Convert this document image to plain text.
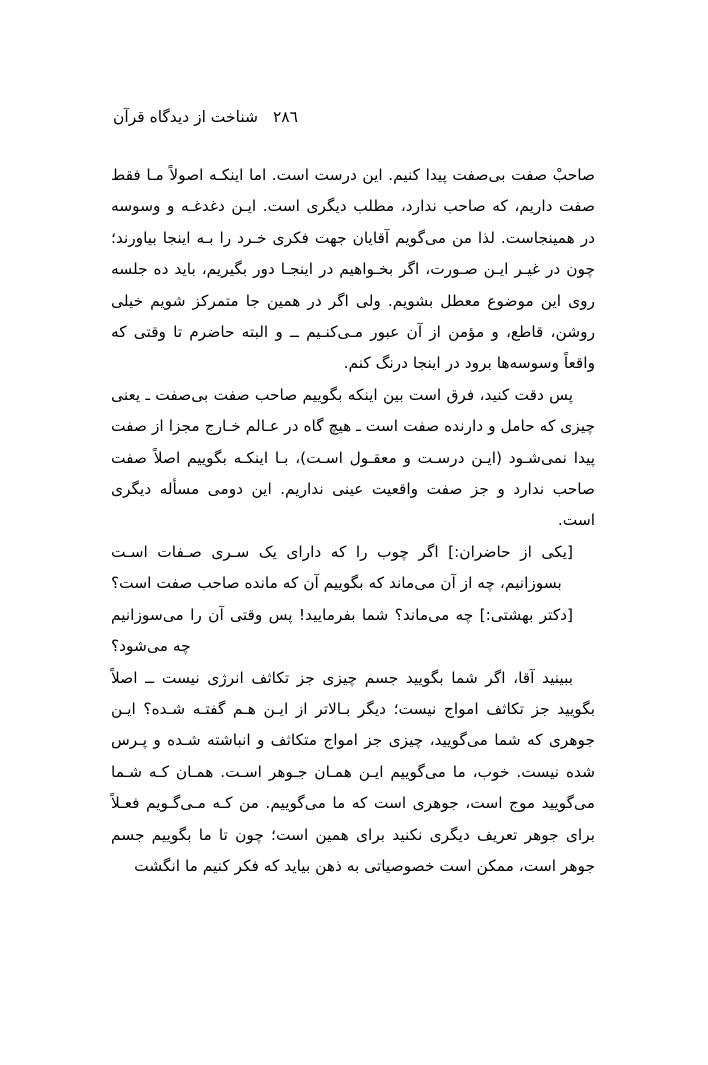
٢٨٦ شناخت از دیدگاه قرآن

صاحبْ صفت بی‌صفت پیدا کنیم. این درست است. اما اینکـه اصولاً مـا فقط صفت داریم، که صاحب ندارد، مطلب دیگری است. ایـن دغدغـه و وسوسه در همینجاست. لذا من می‌گویم آقایان جهت فکری خـرد را بـه اینجا بیاورند؛ چون در غیـر ایـن صـورت، اگر بخـواهیم در اینجـا دور بگیریم، باید ده جلسه روی این موضوع معطل بشویم. ولی اگر در همین جا متمرکز شویم خیلی روشن، قاطع، و مؤمن از آن عبور مـی‌کنـیم ــ و البته حاضرم تا وقتی که واقعاً وسوسه‌ها برود در اینجا درنگ کنم.

پس دقت کنید، فرق است بین اینکه بگوییم صاحب صفت بی‌صفت ـ یعنی چیزی که حامل و دارنده صفت است ـ هیچ گاه در عـالم خـارج مجزا از صفت پیدا نمی‌شـود (ایـن درسـت و معقـول اسـت)، بـا اینکـه بگوییم اصلاً صفت صاحب ندارد و جز صفت واقعیت عینی نداریم. این دومی مسأله دیگری است.

[یکی از حاضران:] اگر چوب را که دارای یک سـری صـفات اسـت بسوزانیم، چه از آن می‌ماند که بگوییم آن که مانده صاحب صفت است؟

[دکتر بهشتی:] چه می‌ماند؟ شما بفرمایید! پس وقتی آن را می‌سوزانیم چه می‌شود؟

ببینید آقا، اگر شما بگویید جسم چیزی جز تکاثف انرژی نیست ــ اصلاً بگویید جز تکاثف امواج نیست؛ دیگر بـالاتر از ایـن هـم گفتـه شـده؟ ایـن جوهری که شما می‌گویید، چیزی جز امواج متکاثف و انباشته شـده و پـرس شده نیست. خوب، ما می‌گوییم ایـن همـان جـوهر اسـت. همـان کـه شـما می‌گویید موج است، جوهری است که ما می‌گوییم. من کـه مـی‌گـویم فعـلاً برای جوهر تعریف دیگری نکنید برای همین است؛ چون تا ما بگوییم جسم جوهر است، ممکن است خصوصیاتی به ذهن بیاید که فکر کنیم ما انگشت
